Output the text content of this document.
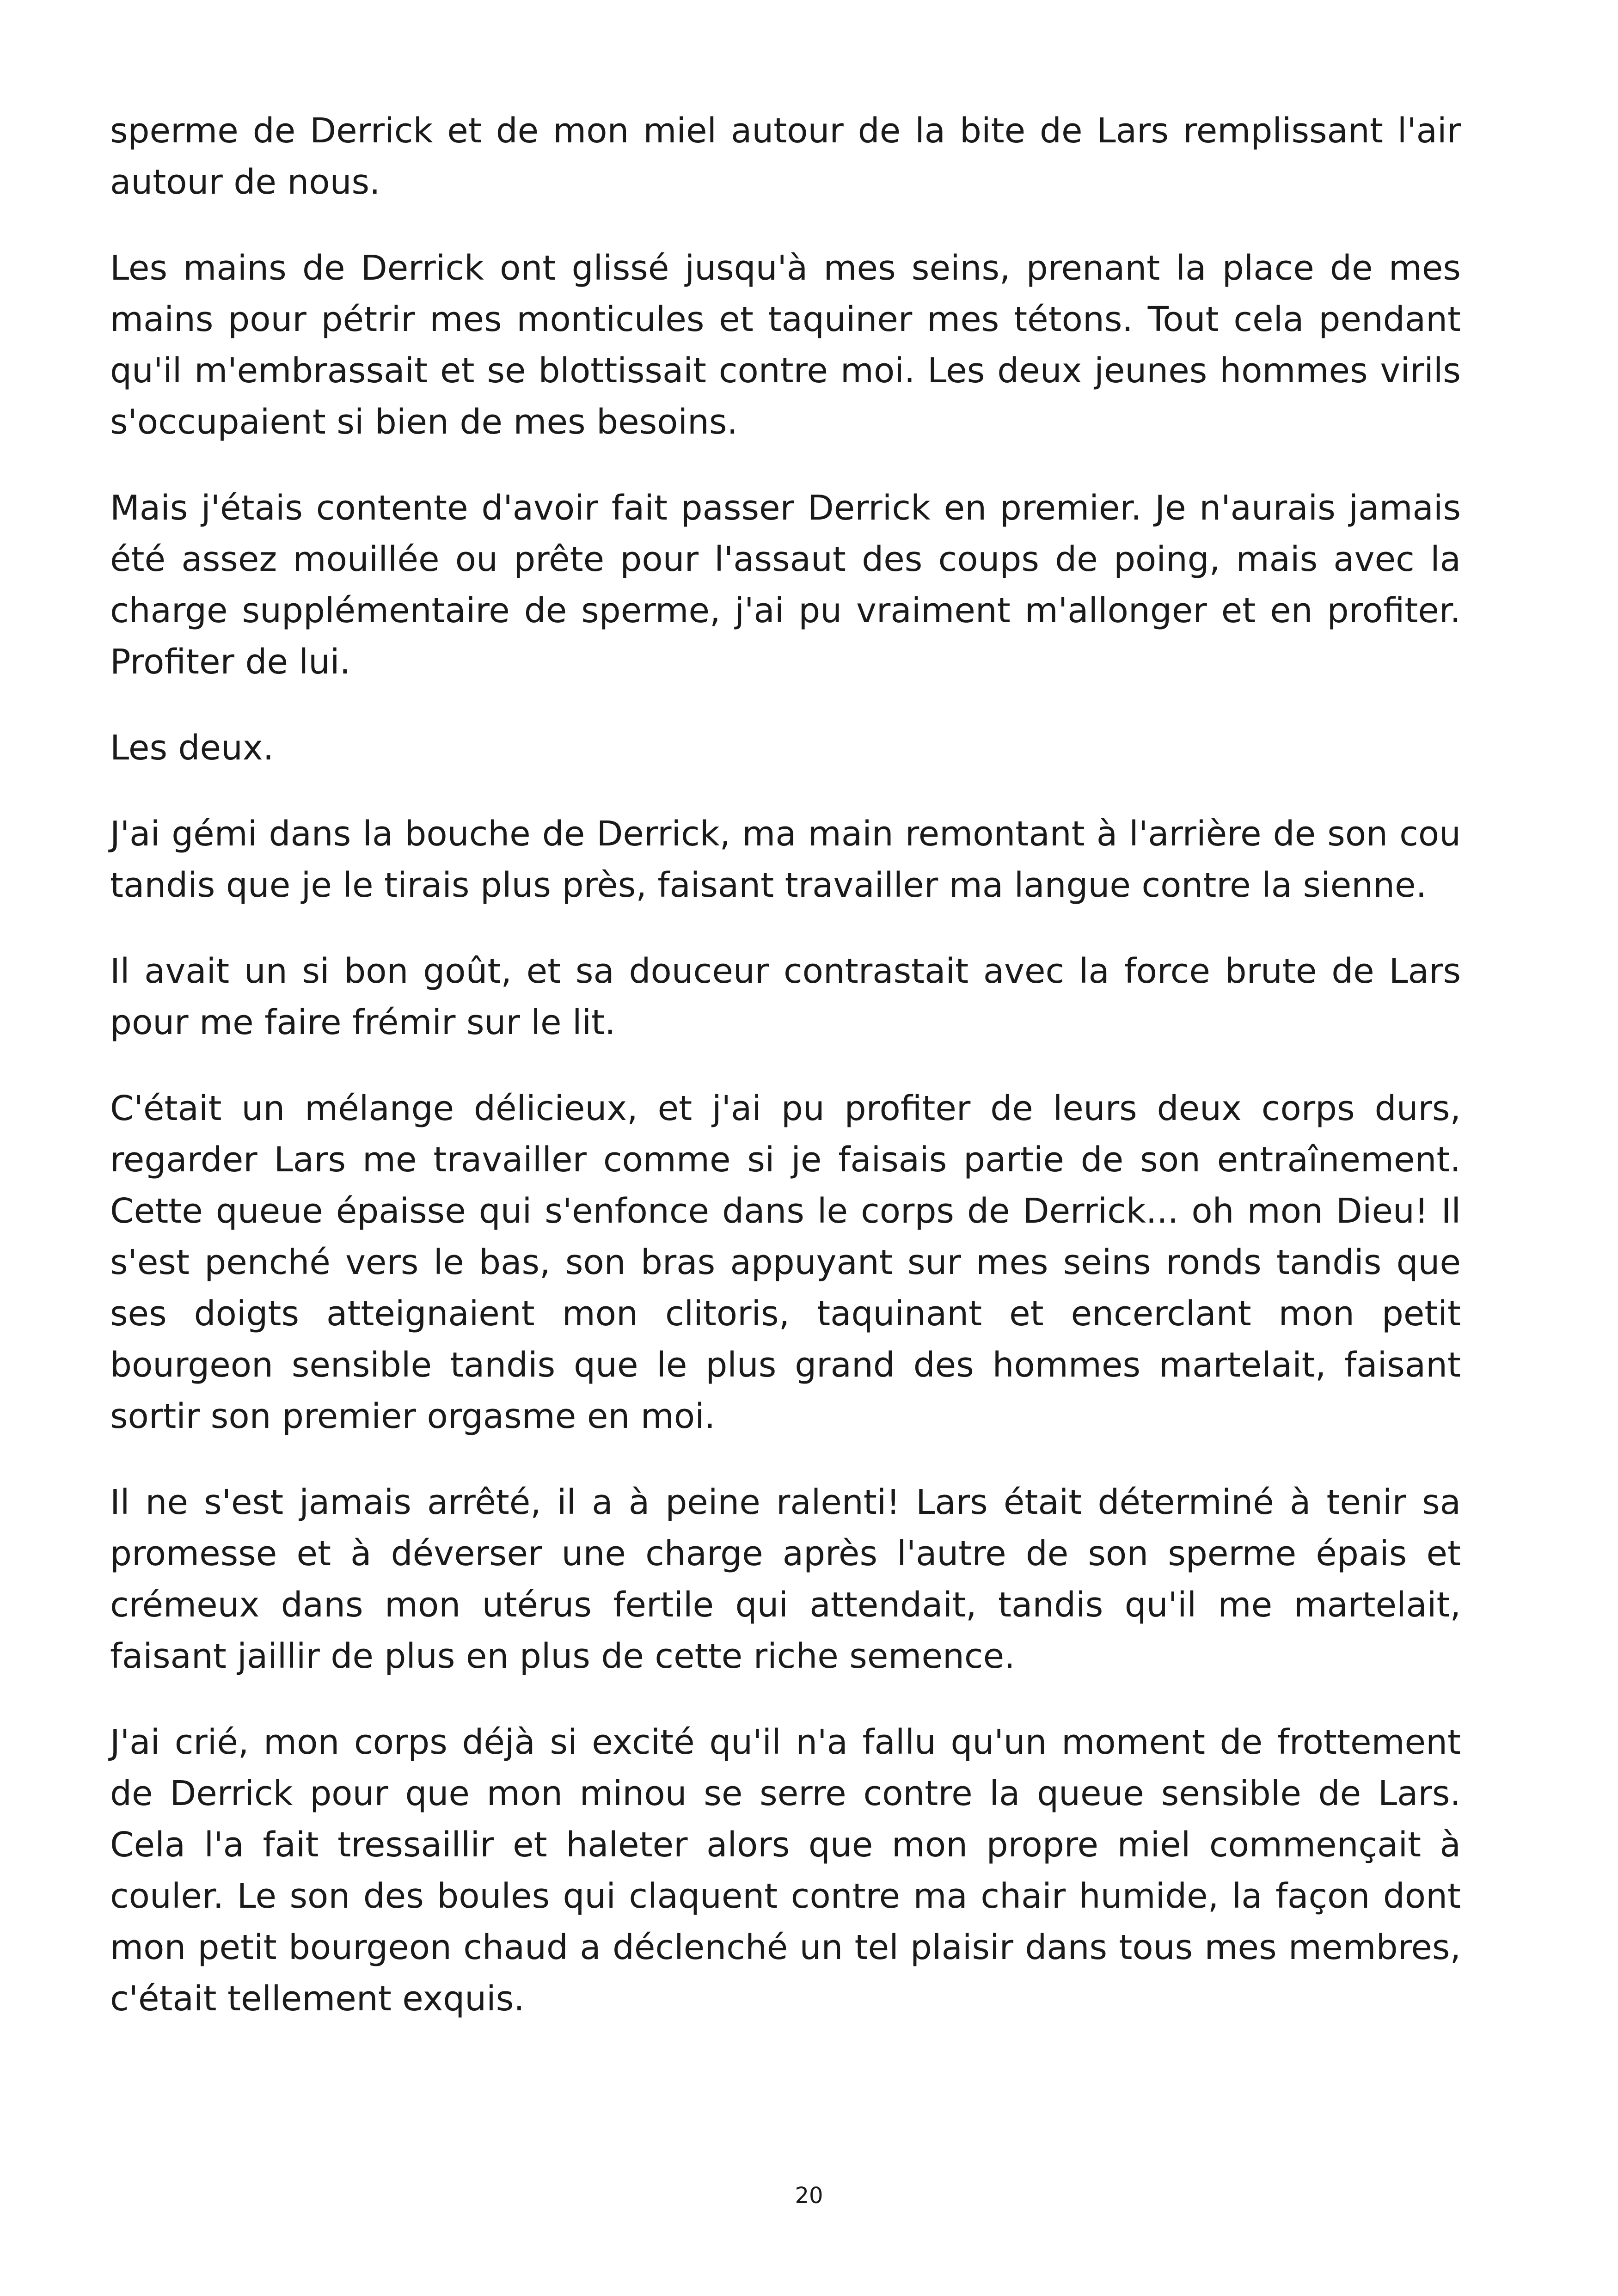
sperme de Derrick et de mon miel autour de la bite de Lars remplissant l'air autour de nous.

Les mains de Derrick ont glissé jusqu'à mes seins, prenant la place de mes mains pour pétrir mes monticules et taquiner mes tétons. Tout cela pendant qu'il m'embrassait et se blottissait contre moi. Les deux jeunes hommes virils s'occupaient si bien de mes besoins.

Mais j'étais contente d'avoir fait passer Derrick en premier. Je n'aurais jamais été assez mouillée ou prête pour l'assaut des coups de poing, mais avec la charge supplémentaire de sperme, j'ai pu vraiment m'allonger et en profiter. Profiter de lui.

Les deux.

J'ai gémi dans la bouche de Derrick, ma main remontant à l'arrière de son cou tandis que je le tirais plus près, faisant travailler ma langue contre la sienne.

Il avait un si bon goût, et sa douceur contrastait avec la force brute de Lars pour me faire frémir sur le lit.

C'était un mélange délicieux, et j'ai pu profiter de leurs deux corps durs, regarder Lars me travailler comme si je faisais partie de son entraînement. Cette queue épaisse qui s'enfonce dans le corps de Derrick... oh mon Dieu! Il s'est penché vers le bas, son bras appuyant sur mes seins ronds tandis que ses doigts atteignaient mon clitoris, taquinant et encerclant mon petit bourgeon sensible tandis que le plus grand des hommes martelait, faisant sortir son premier orgasme en moi.

Il ne s'est jamais arrêté, il a à peine ralenti! Lars était déterminé à tenir sa promesse et à déverser une charge après l'autre de son sperme épais et crémeux dans mon utérus fertile qui attendait, tandis qu'il me martelait, faisant jaillir de plus en plus de cette riche semence.

J'ai crié, mon corps déjà si excité qu'il n'a fallu qu'un moment de frottement de Derrick pour que mon minou se serre contre la queue sensible de Lars. Cela l'a fait tressaillir et haleter alors que mon propre miel commençait à couler. Le son des boules qui claquent contre ma chair humide, la façon dont mon petit bourgeon chaud a déclenché un tel plaisir dans tous mes membres, c'était tellement exquis.

20
